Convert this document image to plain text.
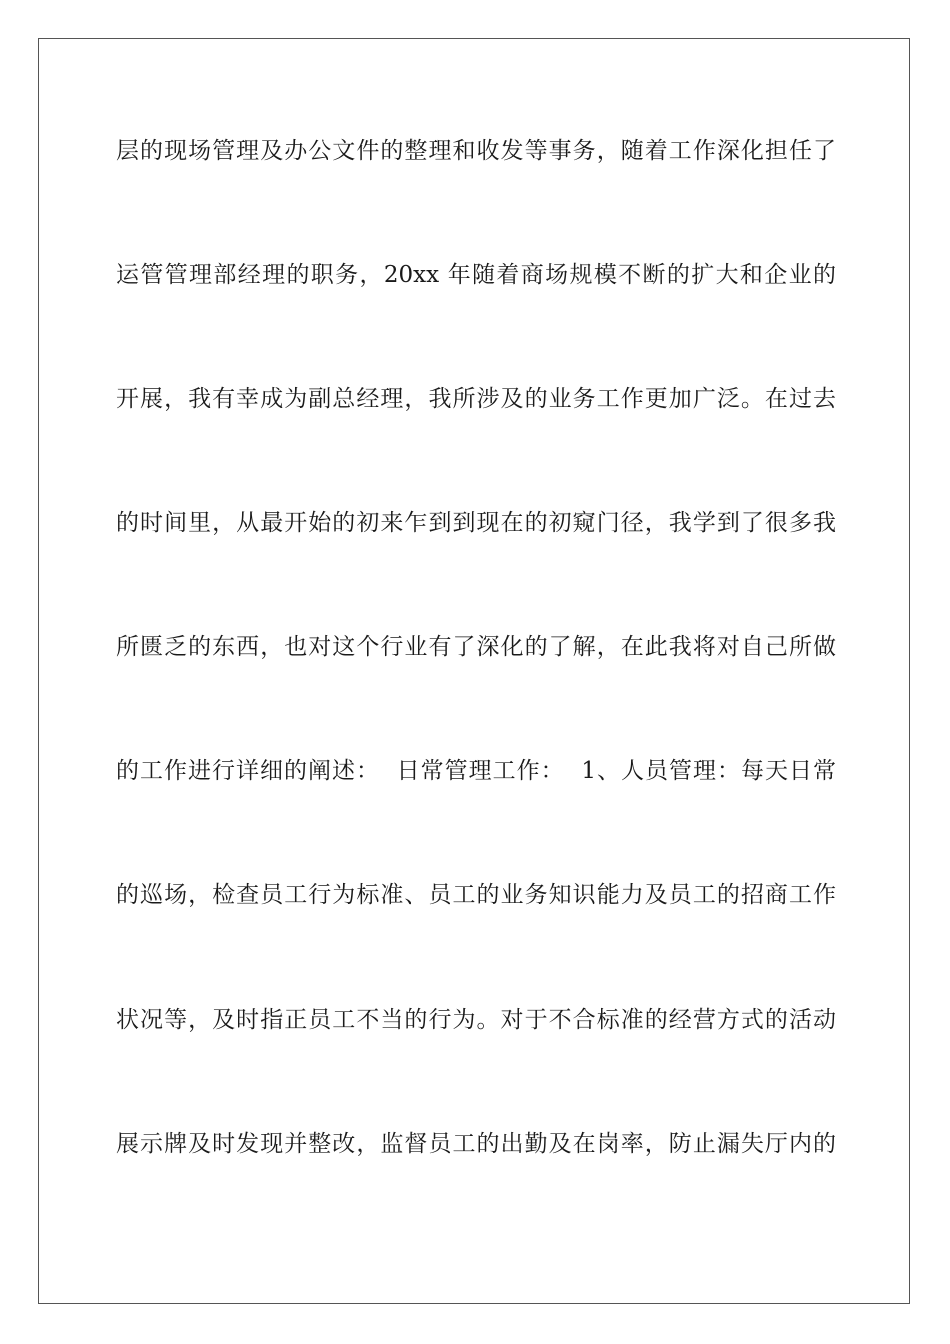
层的现场管理及办公文件的整理和收发等事务，随着工作深化担任了
运管管理部经理的职务，20xx 年随着商场规模不断的扩大和企业的
开展，我有幸成为副总经理，我所涉及的业务工作更加广泛。在过去
的时间里，从最开始的初来乍到到现在的初窥门径，我学到了很多我
所匮乏的东西，也对这个行业有了深化的了解，在此我将对自己所做
的工作进行详细的阐述：  日常管理工作：  1、人员管理：每天日常
的巡场，检查员工行为标准、员工的业务知识能力及员工的招商工作
状况等，及时指正员工不当的行为。对于不合标准的经营方式的活动
展示牌及时发现并整改，监督员工的出勤及在岗率，防止漏失厅内的
